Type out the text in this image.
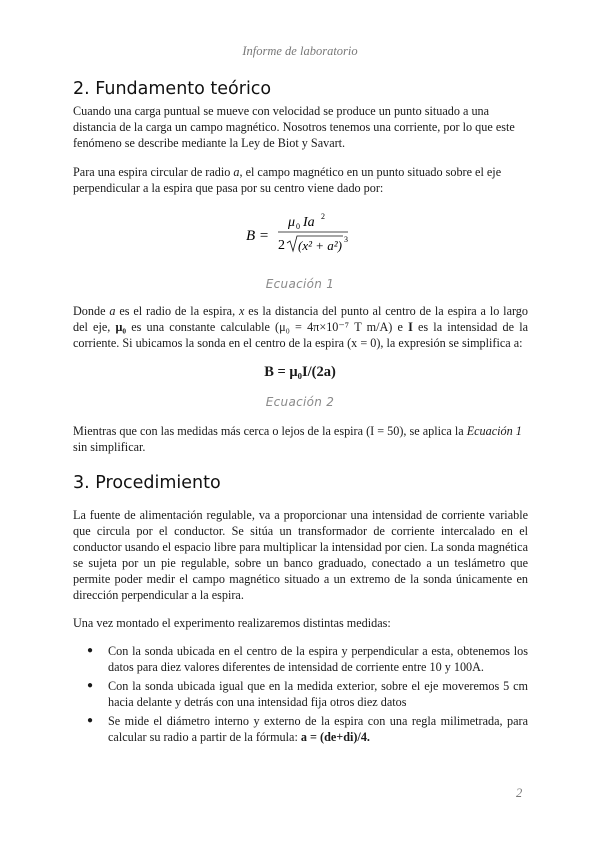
Informe de laboratorio
2. Fundamento teórico

Cuando una carga puntual se mueve con velocidad se produce un punto situado a una distancia de la carga un campo magnético. Nosotros tenemos una corriente, por lo que este fenómeno se describe mediante la Ley de Biot y Savart.

Para una espira circular de radio a, el campo magnético en un punto situado sobre el eje perpendicular a la espira que pasa por su centro viene dado por:

B =
μ 0 Ia 2
2 (x² + a²) 3
Ecuación 1

Donde a es el radio de la espira, x es la distancia del punto al centro de la espira a lo largo del eje, μ₀ es una constante calculable (μ₀ = 4π×10⁻⁷ T m/A) e I es la intensidad de la corriente. Si ubicamos la sonda en el centro de la espira (x = 0), la expresión se simplifica a:

B = μ₀I/(2a)
Ecuación 2

Mientras que con las medidas más cerca o lejos de la espira (I = 50), se aplica la Ecuación 1 sin simplificar.

3. Procedimiento

La fuente de alimentación regulable, va a proporcionar una intensidad de corriente variable que circula por el conductor. Se sitúa un transformador de corriente intercalado en el conductor usando el espacio libre para multiplicar la intensidad por cien. La sonda magnética se sujeta por un pie regulable, sobre un banco graduado, conectado a un teslámetro que permite poder medir el campo magnético situado a un extremo de la sonda únicamente en dirección perpendicular a la espira.

Una vez montado el experimento realizaremos distintas medidas:

● Con la sonda ubicada en el centro de la espira y perpendicular a esta, obtenemos los datos para diez valores diferentes de intensidad de corriente entre 10 y 100A.
● Con la sonda ubicada igual que en la medida exterior, sobre el eje moveremos 5 cm hacia delante y detrás con una intensidad fija otros diez datos
● Se mide el diámetro interno y externo de la espira con una regla milimetrada, para calcular su radio a partir de la fórmula: a = (de+di)/4.
2
